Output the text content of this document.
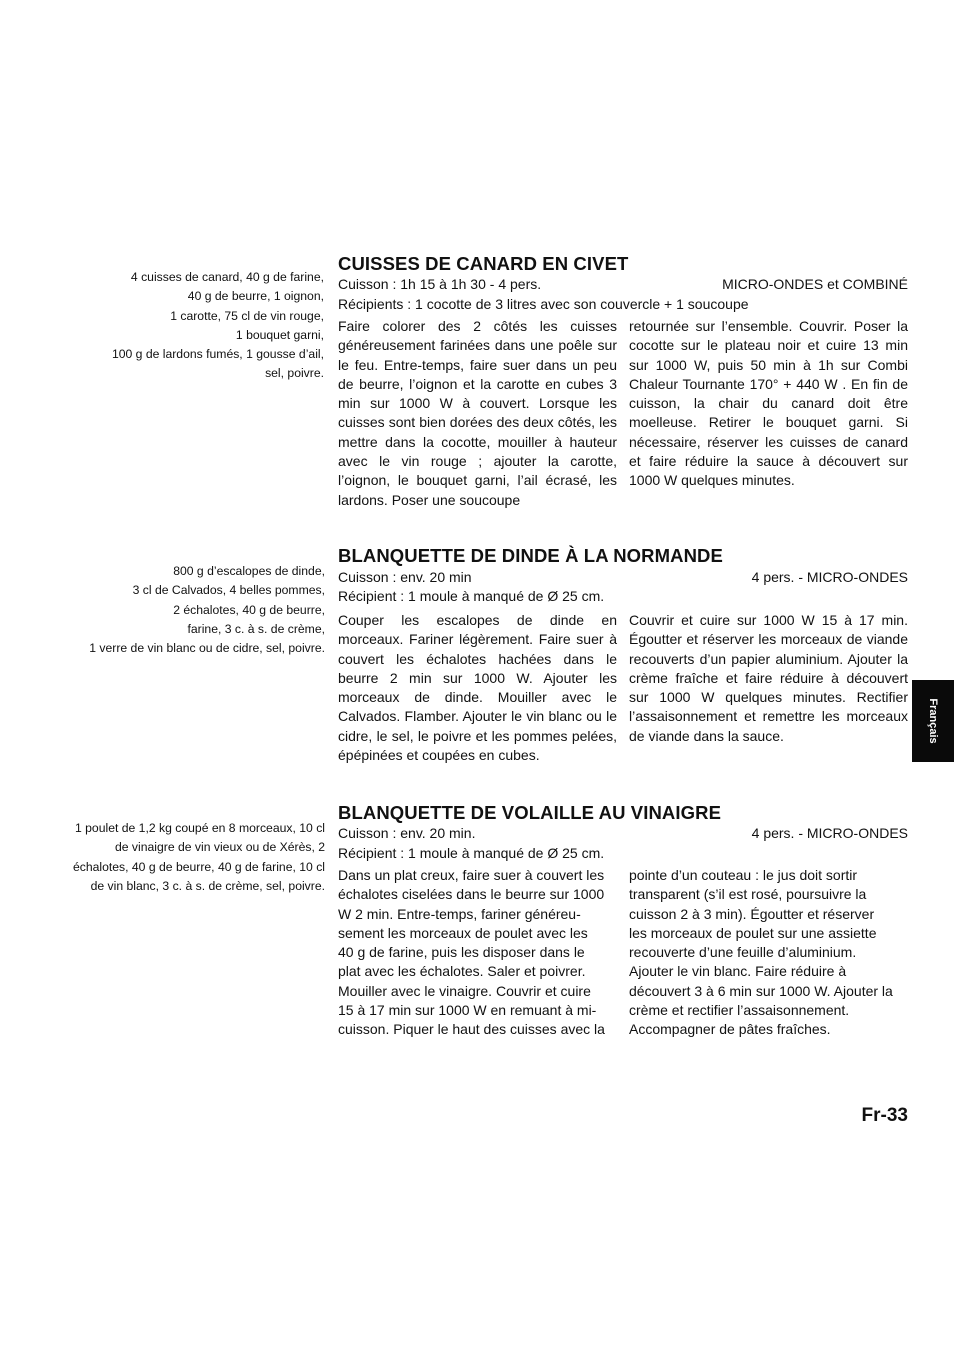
4 cuisses de canard, 40 g de farine,
40 g de beurre, 1 oignon,
1 carotte, 75 cl de vin rouge,
1 bouquet garni,
100 g de lardons fumés, 1 gousse d’ail,
sel, poivre.
CUISSES DE CANARD EN CIVET
Cuisson : 1h 15 à 1h 30 - 4 pers.	MICRO-ONDES et COMBINÉ
Récipients : 1 cocotte de 3 litres avec son couvercle + 1 soucoupe
Faire colorer des 2 côtés les cuisses généreusement farinées dans une poêle sur le feu. Entre-temps, faire suer dans un peu de beurre, l’oignon et la carotte en cubes 3 min sur 1000 W à couvert. Lorsque les cuisses sont bien dorées des deux côtés, les mettre dans la cocotte, mouiller à hauteur avec le vin rouge ; ajouter la carotte, l’oignon, le bouquet garni, l’ail écrasé, les lardons. Poser une soucoupe
retournée sur l’ensemble. Couvrir. Poser la cocotte sur le plateau noir et cuire 13 min sur 1000 W, puis 50 min à 1h sur Combi Chaleur Tournante 170° + 440 W . En fin de cuisson, la chair du canard doit être moelleuse. Retirer le bouquet garni. Si nécessaire, réserver les cuisses de canard et faire réduire la sauce à découvert sur 1000 W quelques minutes.
800 g d’escalopes de dinde,
3 cl de Calvados, 4 belles pommes,
2 échalotes, 40 g de beurre,
farine, 3 c. à s. de crème,
1 verre de vin blanc ou de cidre, sel, poivre.
BLANQUETTE DE DINDE À LA NORMANDE
Cuisson : env. 20 min	4 pers. - MICRO-ONDES
Récipient : 1 moule à manqué de Ø 25 cm.
Couper les escalopes de dinde en morceaux. Fariner légèrement. Faire suer à couvert les échalotes hachées dans le beurre 2 min sur 1000 W. Ajouter les morceaux de dinde. Mouiller avec le Calvados. Flamber. Ajouter le vin blanc ou le cidre, le sel, le poivre et les pommes pelées, épépinées et coupées en cubes.
Couvrir et cuire sur 1000 W 15 à 17 min. Égoutter et réserver les morceaux de viande recouverts d’un papier aluminium. Ajouter la crème fraîche et faire réduire à découvert sur 1000 W quelques minutes. Rectifier l’assaisonnement et remettre les morceaux de viande dans la sauce.
1 poulet de 1,2 kg coupé en 8 morceaux, 10 cl
de vinaigre de vin vieux ou de Xérès, 2
échalotes, 40 g de beurre, 40 g de farine, 10 cl
de vin blanc, 3 c. à s. de crème, sel, poivre.
BLANQUETTE DE VOLAILLE AU VINAIGRE
Cuisson : env. 20 min.	4 pers. - MICRO-ONDES
Récipient : 1 moule à manqué de Ø 25 cm.
Dans un plat creux, faire suer à couvert les
échalotes ciselées dans le beurre sur 1000
W 2 min. Entre-temps, fariner généreu-
sement les morceaux de poulet avec les
40 g de farine, puis les disposer dans le
plat avec les échalotes. Saler et poivrer.
Mouiller avec le vinaigre. Couvrir et cuire
15 à 17 min sur 1000 W en remuant à mi-
cuisson. Piquer le haut des cuisses avec la
pointe d’un couteau : le jus doit sortir
transparent (s’il est rosé, poursuivre la
cuisson 2 à 3 min). Égoutter et réserver
les morceaux de poulet sur une assiette
recouverte d’une feuille d’aluminium.
Ajouter le vin blanc. Faire réduire à
découvert 3 à 6 min sur 1000 W. Ajouter la
crème et rectifier l’assaisonnement.
Accompagner de pâtes fraîches.
Français
Fr-33
